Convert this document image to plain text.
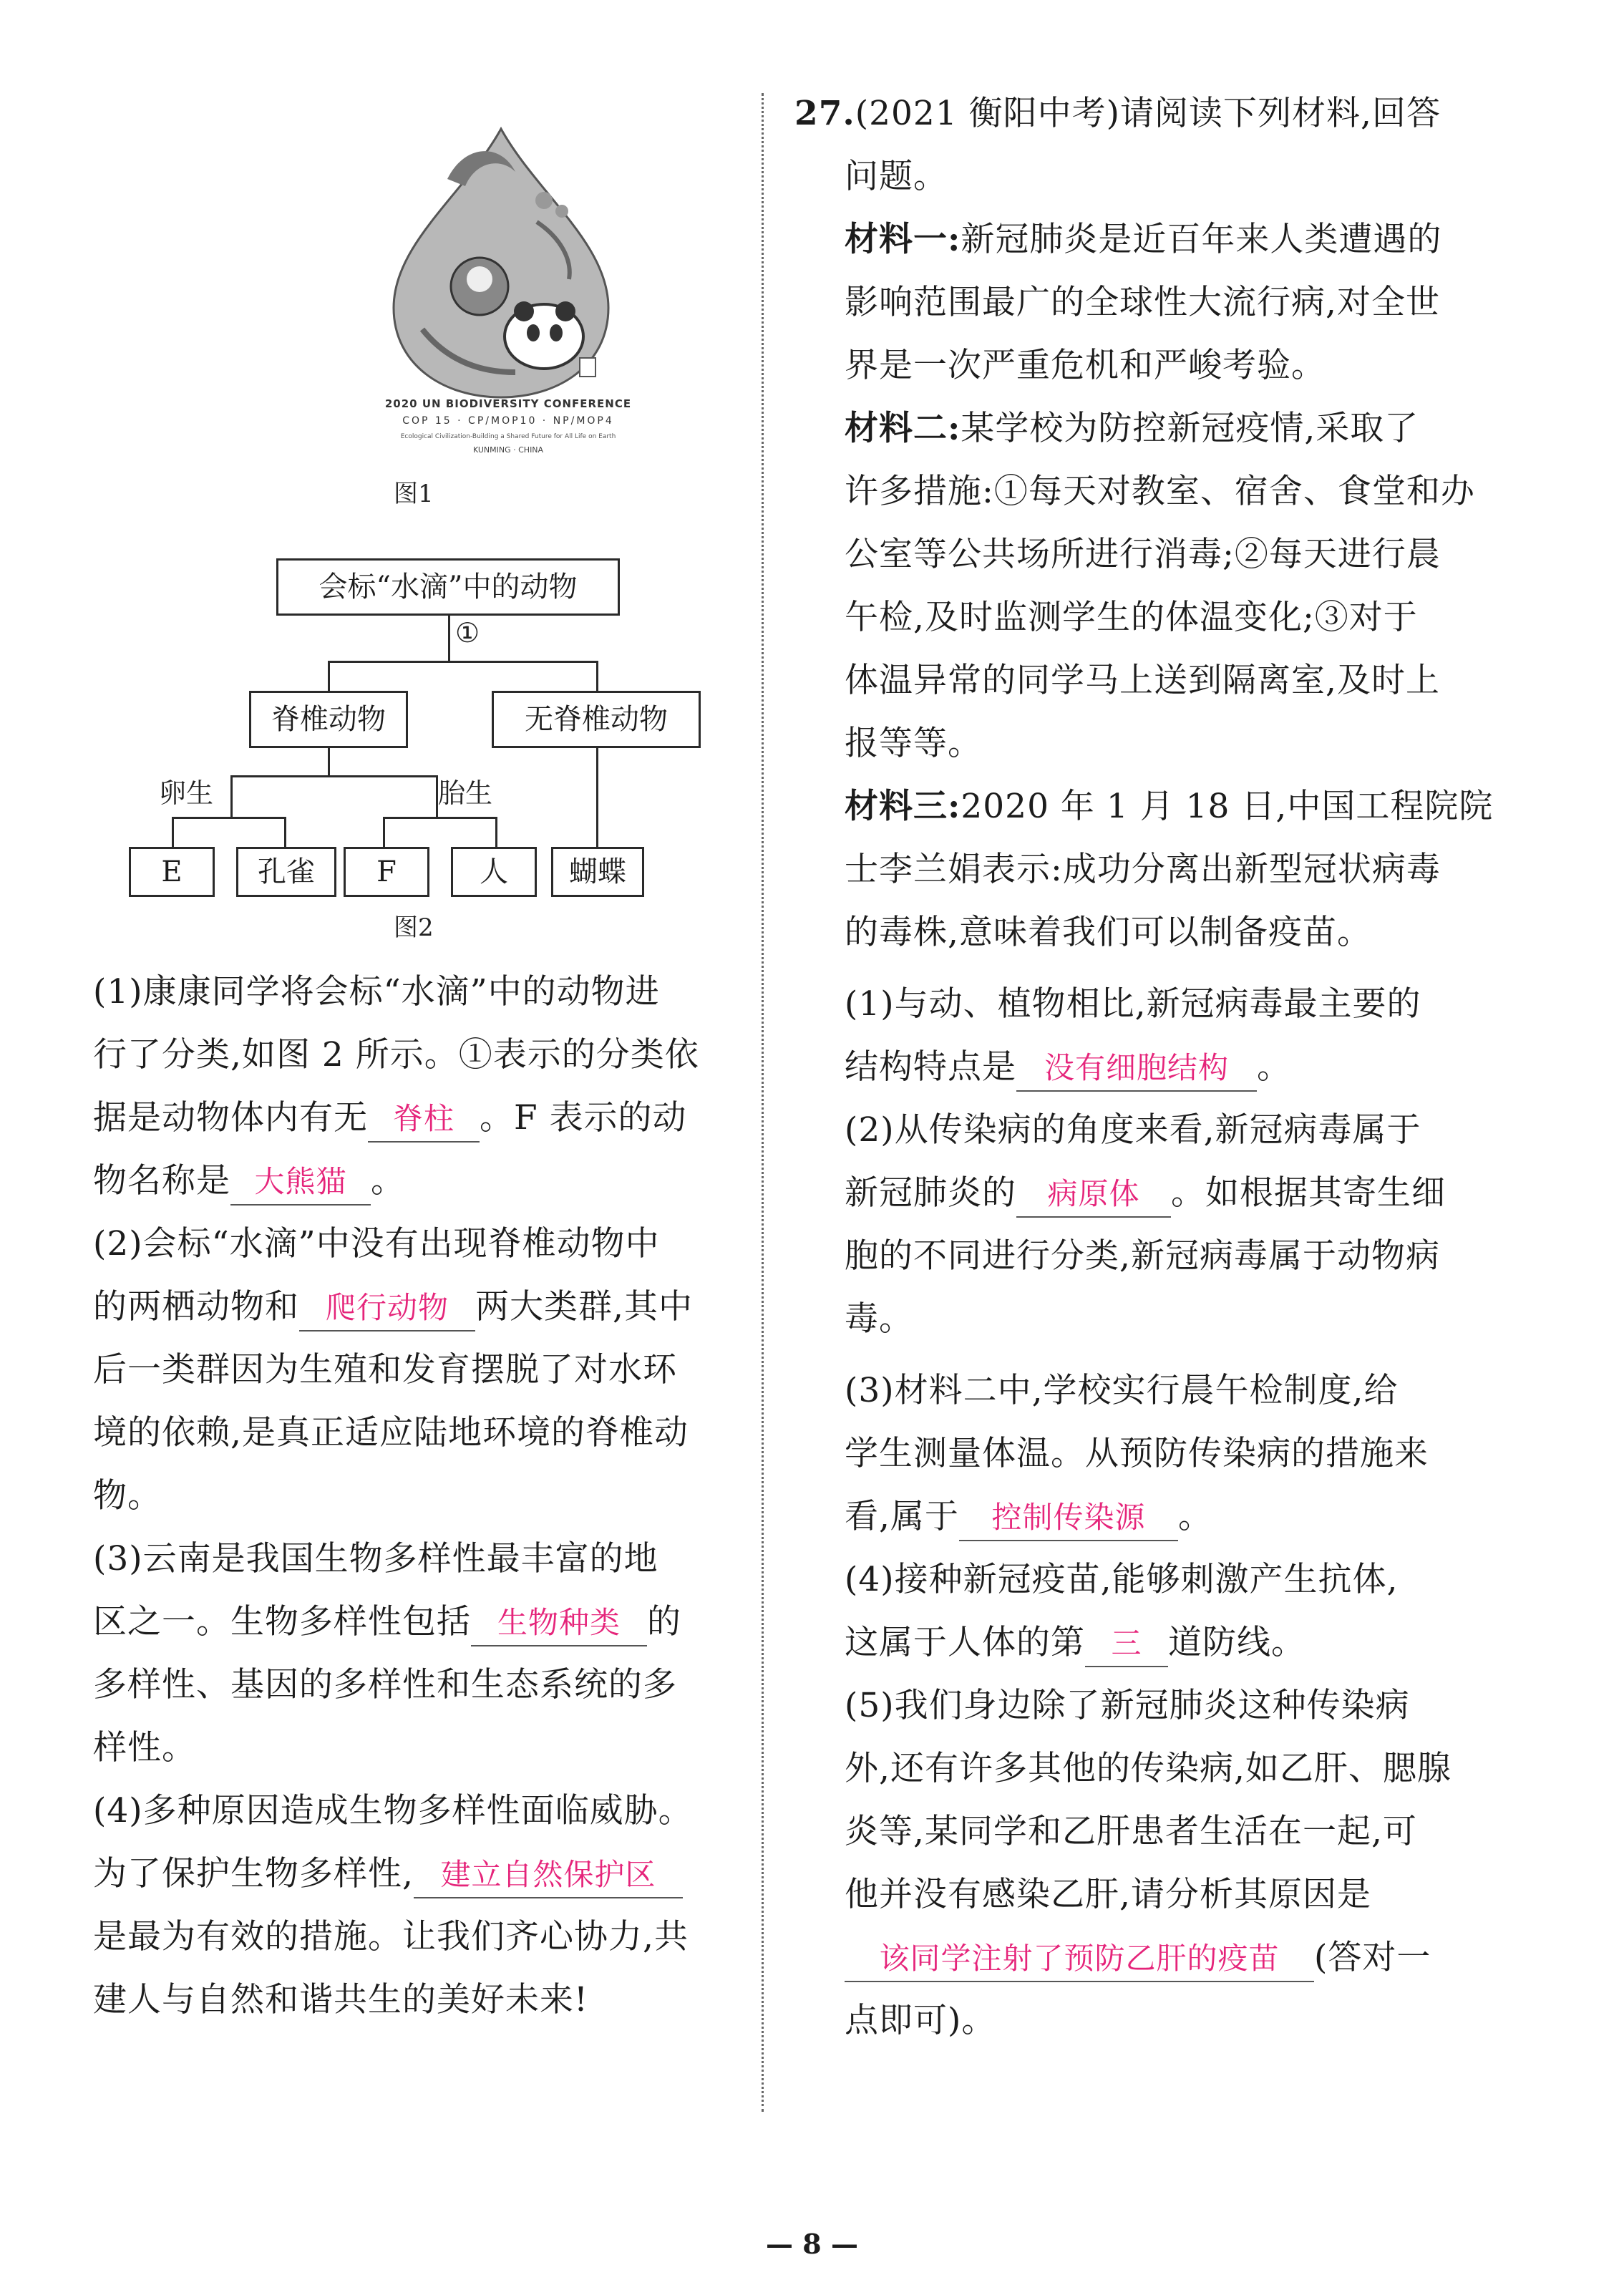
2020 UN BIODIVERSITY CONFERENCE
COP 15 · CP/MOP10 · NP/MOP4
Ecological Civilization-Building a Shared Future for All Life on Earth
KUNMING · CHINA
图1
会标“水滴”中的动物
①
脊椎动物	无脊椎动物
卵生	胎生
E	孔雀	F	人	蝴蝶
图2
(1)康康同学将会标“水滴”中的动物进
行了分类,如图 2 所示。①表示的分类依
据是动物体内有无 脊柱 。F 表示的动
物名称是 大熊猫 。
(2)会标“水滴”中没有出现脊椎动物中
的两栖动物和 爬行动物 两大类群,其中
后一类群因为生殖和发育摆脱了对水环
境的依赖,是真正适应陆地环境的脊椎动
物。
(3)云南是我国生物多样性最丰富的地
区之一。生物多样性包括 生物种类 的
多样性、基因的多样性和生态系统的多
样性。
(4)多种原因造成生物多样性面临威胁。
为了保护生物多样性, 建立自然保护区
是最为有效的措施。让我们齐心协力,共
建人与自然和谐共生的美好未来!
27.(2021 衡阳中考)请阅读下列材料,回答
问题。
材料一:新冠肺炎是近百年来人类遭遇的
影响范围最广的全球性大流行病,对全世
界是一次严重危机和严峻考验。
材料二:某学校为防控新冠疫情,采取了
许多措施:①每天对教室、宿舍、食堂和办
公室等公共场所进行消毒;②每天进行晨
午检,及时监测学生的体温变化;③对于
体温异常的同学马上送到隔离室,及时上
报等等。
材料三:2020 年 1 月 18 日,中国工程院院
士李兰娟表示:成功分离出新型冠状病毒
的毒株,意味着我们可以制备疫苗。
(1)与动、植物相比,新冠病毒最主要的
结构特点是 没有细胞结构 。
(2)从传染病的角度来看,新冠病毒属于
新冠肺炎的 病原体 。如根据其寄生细
胞的不同进行分类,新冠病毒属于动物病
毒。
(3)材料二中,学校实行晨午检制度,给
学生测量体温。从预防传染病的措施来
看,属于 控制传染源 。
(4)接种新冠疫苗,能够刺激产生抗体,
这属于人体的第 三 道防线。
(5)我们身边除了新冠肺炎这种传染病
外,还有许多其他的传染病,如乙肝、腮腺
炎等,某同学和乙肝患者生活在一起,可
他并没有感染乙肝,请分析其原因是
该同学注射了预防乙肝的疫苗 (答对一
点即可)。
— 8 —
